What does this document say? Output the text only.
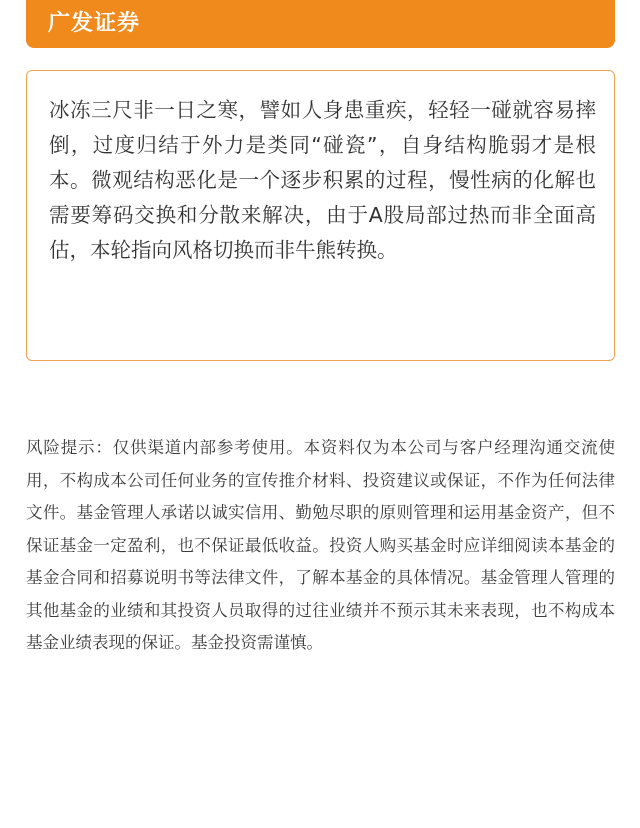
广发证券

冰冻三尺非一日之寒，譬如人身患重疾，轻轻一碰就容易摔倒，过度归结于外力是类同“碰瓷”，自身结构脆弱才是根本。微观结构恶化是一个逐步积累的过程，慢性病的化解也需要筹码交换和分散来解决，由于A股局部过热而非全面高估，本轮指向风格切换而非牛熊转换。

风险提示：仅供渠道内部参考使用。本资料仅为本公司与客户经理沟通交流使用，不构成本公司任何业务的宣传推介材料、投资建议或保证，不作为任何法律文件。基金管理人承诺以诚实信用、勤勉尽职的原则管理和运用基金资产，但不保证基金一定盈利，也不保证最低收益。投资人购买基金时应详细阅读本基金的基金合同和招募说明书等法律文件，了解本基金的具体情况。基金管理人管理的其他基金的业绩和其投资人员取得的过往业绩并不预示其未来表现，也不构成本基金业绩表现的保证。基金投资需谨慎。
